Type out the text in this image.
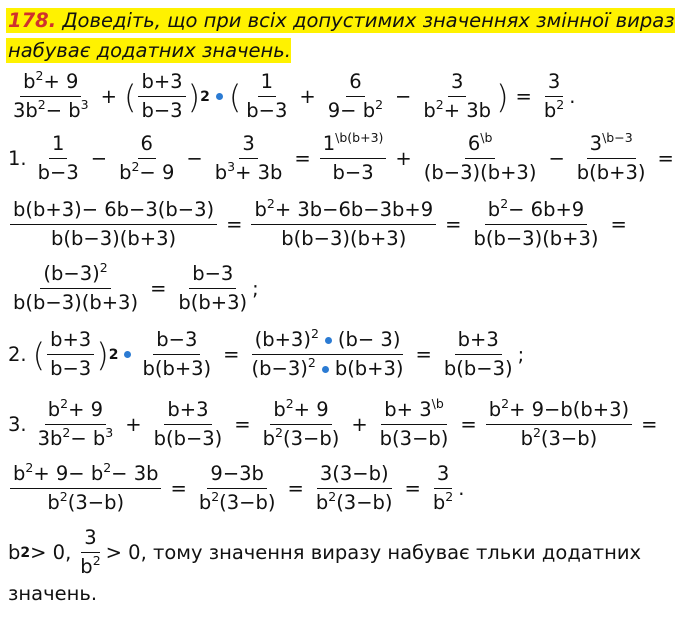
178. Доведіть, що при всіх допустимих значеннях змінної вираз
набуває додатних значень.
$\frac{b^2+ 9}{3b^2- b^3}$ + ( $\frac{b+3}{b-3}$ ) 2 ( $\frac{1}{b-3} + \frac{6}{9- b^2} - \frac{3}{b^2+ 3b}$ ) = $\frac{3}{b^2}$ .
1. $\frac{1}{b-3} - \frac{6}{b^2- 9} - \frac{3}{b^3+ 3b} = \frac{1^{\backslash b(b+3)}}{b-3} + \frac{6^{\backslash b}}{(b-3)(b+3)} - \frac{3^{\backslash b-3}}{b(b+3)}$ =
$\frac{b(b+3)- 6b-3(b-3)}{b(b-3)(b+3)} = \frac{b^2+ 3b-6b-3b+9}{b(b-3)(b+3)} = \frac{b^2- 6b+9}{b(b-3)(b+3)}$ =
$\frac{(b-3)^2}{b(b-3)(b+3)} = \frac{b-3}{b(b+3)}$ ;
2. ( $\frac{b+3}{b-3}$ ) $2 \frac{b-3}{b(b+3)} = \frac{(b+3)^2 (b- 3)}{(b-3)^2 b(b+3)} = \frac{b+3}{b(b-3)}$ ;
3. $\frac{b^2+ 9}{3b^2- b^3} + \frac{b+3}{b(b-3)} = \frac{b^2+ 9}{b^2(3-b)} + \frac{b+ 3^{\backslash b}}{b(3-b)} = \frac{b^2+ 9-b(b+3)}{b^2(3-b)}$ =
$\frac{b^2+ 9- b^2- 3b}{b^2(3-b)} = \frac{9-3b}{b^2(3-b)} = \frac{3(3-b)}{b^2(3-b)} = \frac{3}{b^2}$ .
b 2 > 0, $\frac{3}{b^2} > 0$, тому значення виразу набуває тльки додатних
значень.
